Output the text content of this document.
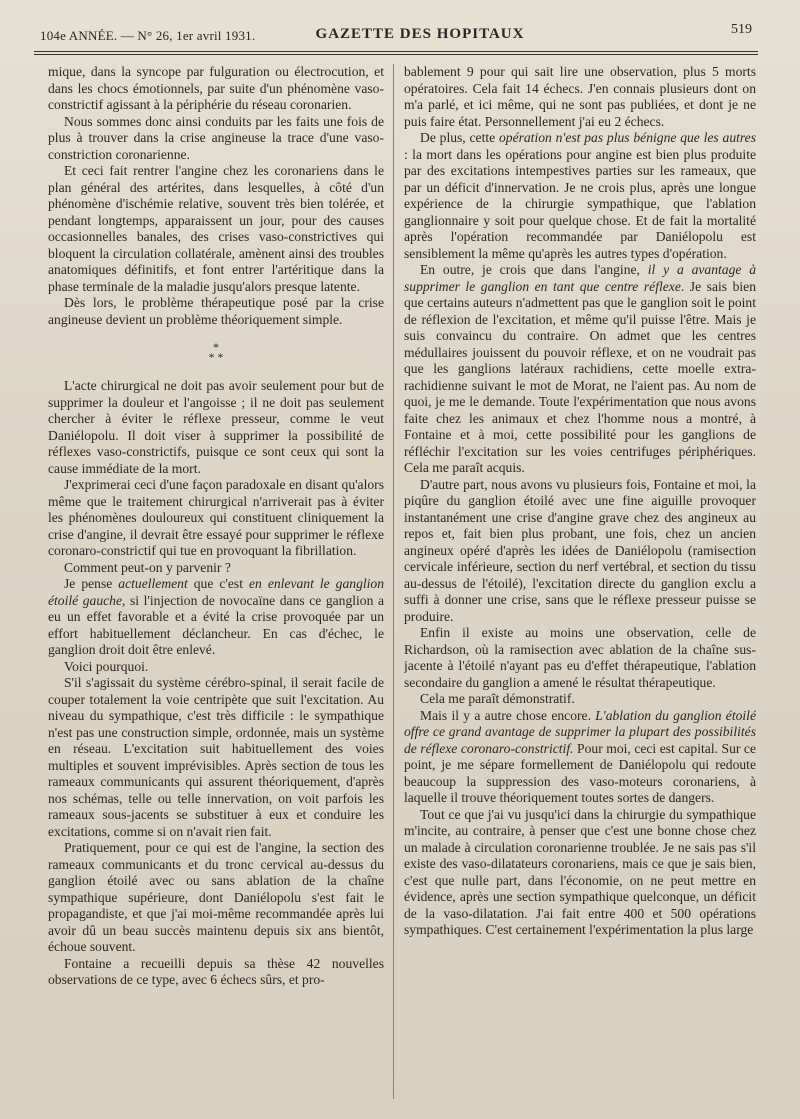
104e ANNÉE. — N° 26, 1er avril 1931.	GAZETTE DES HOPITAUX	519

mique, dans la syncope par fulguration ou électrocution, et dans les chocs émotionnels, par suite d'un phénomène vaso-constrictif agissant à la périphérie du réseau coronarien.

Nous sommes donc ainsi conduits par les faits une fois de plus à trouver dans la crise angineuse la trace d'une vaso-constriction coronarienne.

Et ceci fait rentrer l'angine chez les coronariens dans le plan général des artérites, dans lesquelles, à côté d'un phénomène d'ischémie relative, souvent très bien tolérée, et pendant longtemps, apparaissent un jour, pour des causes occasionnelles banales, des crises vaso-constrictives qui bloquent la circulation collatérale, amènent ainsi des troubles anatomiques définitifs, et font entrer l'artéritique dans la phase terminale de la maladie jusqu'alors presque latente.

Dès lors, le problème thérapeutique posé par la crise angineuse devient un problème théoriquement simple.

*
* *

L'acte chirurgical ne doit pas avoir seulement pour but de supprimer la douleur et l'angoisse ; il ne doit pas seulement chercher à éviter le réflexe presseur, comme le veut Daniélopolu. Il doit viser à supprimer la possibilité de réflexes vaso-constrictifs, puisque ce sont ceux qui sont la cause immédiate de la mort.

J'exprimerai ceci d'une façon paradoxale en disant qu'alors même que le traitement chirurgical n'arriverait pas à éviter les phénomènes douloureux qui constituent cliniquement la crise d'angine, il devrait être essayé pour supprimer le réflexe coronaro-constrictif qui tue en provoquant la fibrillation.

Comment peut-on y parvenir ?

Je pense actuellement que c'est en enlevant le ganglion étoilé gauche, si l'injection de novocaïne dans ce ganglion a eu un effet favorable et a évité la crise provoquée par un effort habituellement déclancheur. En cas d'échec, le ganglion droit doit être enlevé.

Voici pourquoi.

S'il s'agissait du système cérébro-spinal, il serait facile de couper totalement la voie centripète que suit l'excitation. Au niveau du sympathique, c'est très difficile : le sympathique n'est pas une construction simple, ordonnée, mais un système en réseau. L'excitation suit habituellement des voies multiples et souvent imprévisibles. Après section de tous les rameaux communicants qui assurent théoriquement, d'après nos schémas, telle ou telle innervation, on voit parfois les rameaux sous-jacents se substituer à eux et conduire les excitations, comme si on n'avait rien fait.

Pratiquement, pour ce qui est de l'angine, la section des rameaux communicants et du tronc cervical au-dessus du ganglion étoilé avec ou sans ablation de la chaîne sympathique supérieure, dont Daniélopolu s'est fait le propagandiste, et que j'ai moi-même recommandée après lui avoir dû un beau succès maintenu depuis six ans bientôt, échoue souvent.

Fontaine a recueilli depuis sa thèse 42 nouvelles observations de ce type, avec 6 échecs sûrs, et pro-

bablement 9 pour qui sait lire une observation, plus 5 morts opératoires. Cela fait 14 échecs. J'en connais plusieurs dont on m'a parlé, et ici même, qui ne sont pas publiées, et dont je ne puis faire état. Personnellement j'ai eu 2 échecs.

De plus, cette opération n'est pas plus bénigne que les autres : la mort dans les opérations pour angine est bien plus produite par des excitations intempestives parties sur les rameaux, que par un déficit d'innervation. Je ne crois plus, après une longue expérience de la chirurgie sympathique, que l'ablation ganglionnaire y soit pour quelque chose. Et de fait la mortalité après l'opération recommandée par Daniélopolu est sensiblement la même qu'après les autres types d'opération.

En outre, je crois que dans l'angine, il y a avantage à supprimer le ganglion en tant que centre réflexe. Je sais bien que certains auteurs n'admettent pas que le ganglion soit le point de réflexion de l'excitation, et même qu'il puisse l'être. Mais je suis convaincu du contraire. On admet que les centres médullaires jouissent du pouvoir réflexe, et on ne voudrait pas que les ganglions latéraux rachidiens, cette moelle extra-rachidienne suivant le mot de Morat, ne l'aient pas. Au nom de quoi, je me le demande. Toute l'expérimentation que nous avons faite chez les animaux et chez l'homme nous a montré, à Fontaine et à moi, cette possibilité pour les ganglions de réfléchir l'excitation sur les voies centrifuges périphériques. Cela me paraît acquis.

D'autre part, nous avons vu plusieurs fois, Fontaine et moi, la piqûre du ganglion étoilé avec une fine aiguille provoquer instantanément une crise d'angine grave chez des angineux au repos et, fait bien plus probant, une fois, chez un ancien angineux opéré d'après les idées de Daniélopolu (ramisection cervicale inférieure, section du nerf vertébral, et section du tissu au-dessus de l'étoilé), l'excitation directe du ganglion exclu a suffi à donner une crise, sans que le réflexe presseur puisse se produire.

Enfin il existe au moins une observation, celle de Richardson, où la ramisection avec ablation de la chaîne sus-jacente à l'étoilé n'ayant pas eu d'effet thérapeutique, l'ablation secondaire du ganglion a amené le résultat thérapeutique.

Cela me paraît démonstratif.

Mais il y a autre chose encore. L'ablation du ganglion étoilé offre ce grand avantage de supprimer la plupart des possibilités de réflexe coronaro-constrictif. Pour moi, ceci est capital. Sur ce point, je me sépare formellement de Daniélopolu qui redoute beaucoup la suppression des vaso-moteurs coronariens, à laquelle il trouve théoriquement toutes sortes de dangers.

Tout ce que j'ai vu jusqu'ici dans la chirurgie du sympathique m'incite, au contraire, à penser que c'est une bonne chose chez un malade à circulation coronarienne troublée. Je ne sais pas s'il existe des vaso-dilatateurs coronariens, mais ce que je sais bien, c'est que nulle part, dans l'économie, on ne peut mettre en évidence, après une section sympathique quelconque, un déficit de la vaso-dilatation. J'ai fait entre 400 et 500 opérations sympathiques. C'est certainement l'expérimentation la plus large
